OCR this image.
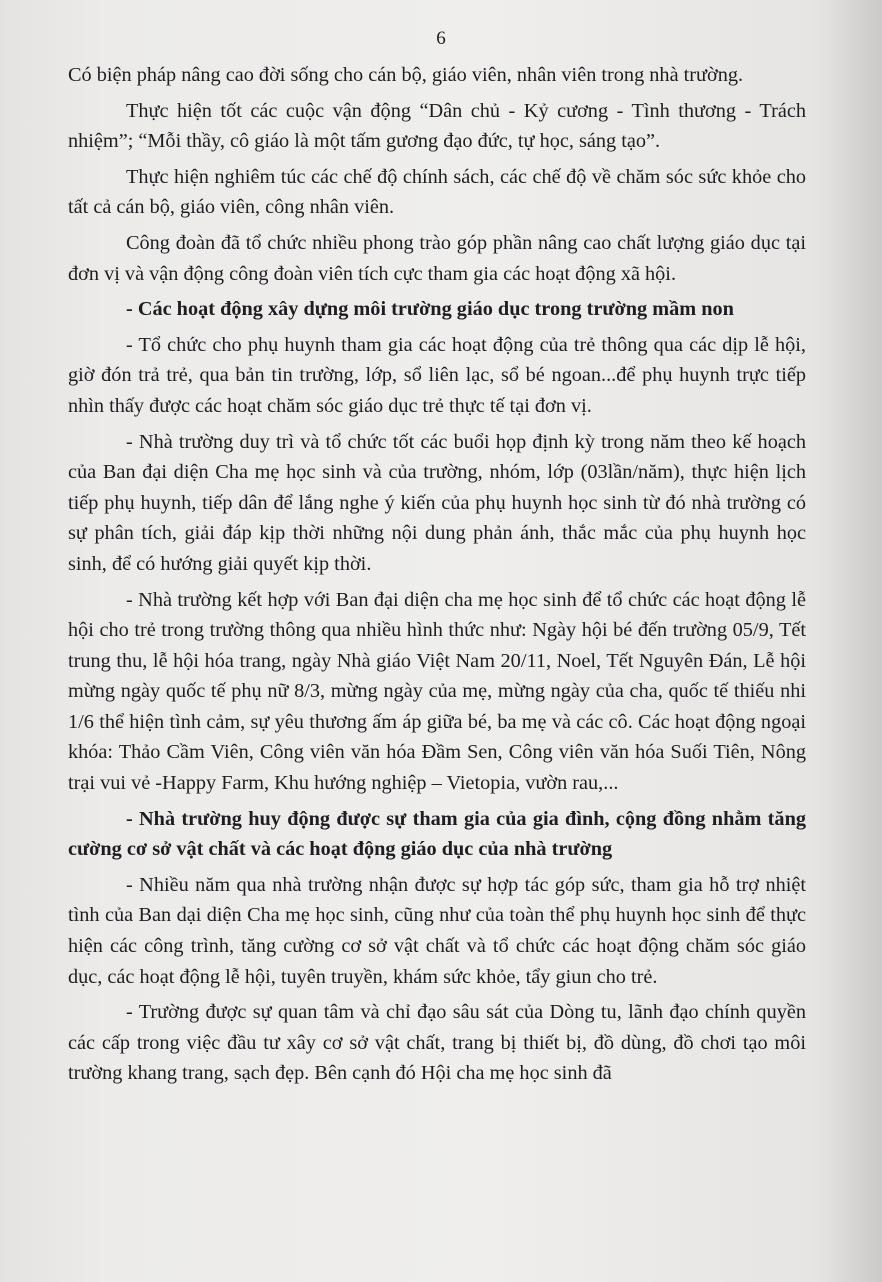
6

Có biện pháp nâng cao đời sống cho cán bộ, giáo viên, nhân viên trong nhà trường.

Thực hiện tốt các cuộc vận động “Dân chủ - Kỷ cương - Tình thương - Trách nhiệm”; “Mỗi thầy, cô giáo là một tấm gương đạo đức, tự học, sáng tạo”.

Thực hiện nghiêm túc các chế độ chính sách, các chế độ về chăm sóc sức khỏe cho tất cả cán bộ, giáo viên, công nhân viên.

Công đoàn đã tổ chức nhiều phong trào góp phần nâng cao chất lượng giáo dục tại đơn vị và vận động công đoàn viên tích cực tham gia các hoạt động xã hội.

- Các hoạt động xây dựng môi trường giáo dục trong trường mầm non

- Tổ chức cho phụ huynh tham gia các hoạt động của trẻ thông qua các dịp lễ hội, giờ đón trả trẻ, qua bản tin trường, lớp, sổ liên lạc, sổ bé ngoan...để phụ huynh trực tiếp nhìn thấy được các hoạt chăm sóc giáo dục trẻ thực tế tại đơn vị.

- Nhà trường duy trì và tổ chức tốt các buổi họp định kỳ trong năm theo kế hoạch của Ban đại diện Cha mẹ học sinh và của trường, nhóm, lớp (03lần/năm), thực hiện lịch tiếp phụ huynh, tiếp dân để lắng nghe ý kiến của phụ huynh học sinh từ đó nhà trường có sự phân tích, giải đáp kịp thời những nội dung phản ánh, thắc mắc của phụ huynh học sinh, để có hướng giải quyết kịp thời.

- Nhà trường kết hợp với Ban đại diện cha mẹ học sinh để tổ chức các hoạt động lễ hội cho trẻ trong trường thông qua nhiều hình thức như: Ngày hội bé đến trường 05/9, Tết trung thu, lễ hội hóa trang, ngày Nhà giáo Việt Nam 20/11, Noel, Tết Nguyên Đán, Lễ hội mừng ngày quốc tế phụ nữ 8/3, mừng ngày của mẹ, mừng ngày của cha, quốc tế thiếu nhi 1/6 thể hiện tình cảm, sự yêu thương ấm áp giữa bé, ba mẹ và các cô. Các hoạt động ngoại khóa: Thảo Cầm Viên, Công viên văn hóa Đầm Sen, Công viên văn hóa Suối Tiên, Nông trại vui vẻ -Happy Farm, Khu hướng nghiệp – Vietopia, vườn rau,...

- Nhà trường huy động được sự tham gia của gia đình, cộng đồng nhằm tăng cường cơ sở vật chất và các hoạt động giáo dục của nhà trường

- Nhiều năm qua nhà trường nhận được sự hợp tác góp sức, tham gia hỗ trợ nhiệt tình của Ban dại diện Cha mẹ học sinh, cũng như của toàn thể phụ huynh học sinh để thực hiện các công trình, tăng cường cơ sở vật chất và tổ chức các hoạt động chăm sóc giáo dục, các hoạt động lễ hội, tuyên truyền, khám sức khỏe, tẩy giun cho trẻ.

- Trường được sự quan tâm và chỉ đạo sâu sát của Dòng tu, lãnh đạo chính quyền các cấp trong việc đầu tư xây cơ sở vật chất, trang bị thiết bị, đồ dùng, đồ chơi tạo môi trường khang trang, sạch đẹp. Bên cạnh đó Hội cha mẹ học sinh đã
